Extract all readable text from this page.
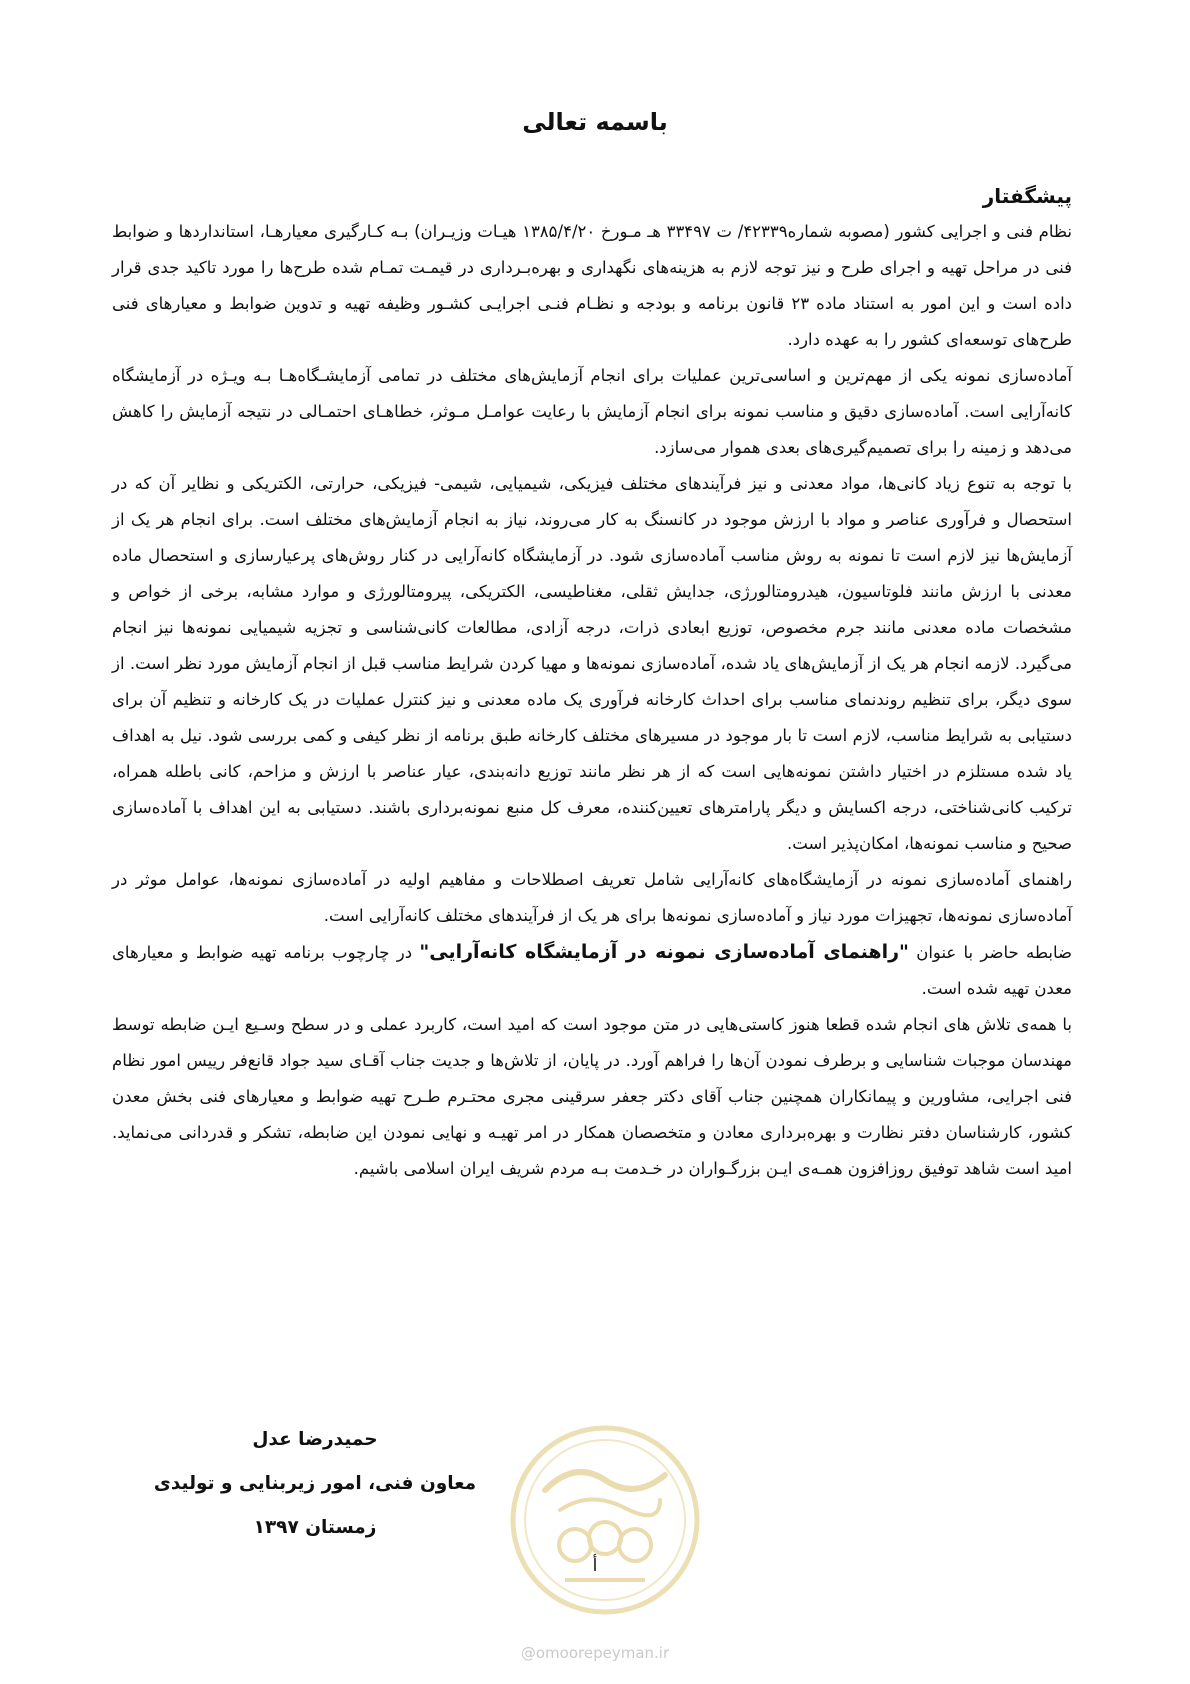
باسمه تعالی

پیشگفتار

نظام فنی و اجرایی کشور (مصوبه شماره۴۲۳۳۹/ ت ۳۳۴۹۷ هـ مـورخ ۱۳۸۵/۴/۲۰ هیـات وزیـران) بـه کـارگیری معیارهـا، استانداردها و ضوابط فنی در مراحل تهیه و اجرای طرح و نیز توجه لازم به هزینه‌های نگهداری و بهره‌بـرداری در قیمـت تمـام شده طرح‌ها را مورد تاکید جدی قرار داده است و این امور به استناد ماده ۲۳ قانون برنامه و بودجه و نظـام فنـی اجرایـی کشـور وظیفه تهیه و تدوین ضوابط و معیارهای فنی طرح‌های توسعه‌ای کشور را به عهده دارد.

آماده‌سازی نمونه یکی از مهم‌ترین و اساسی‌ترین عملیات برای انجام آزمایش‌های مختلف در تمامی آزمایشـگاه‌هـا بـه ویـژه در آزمایشگاه کانه‌آرایی است. آماده‌سازی دقیق و مناسب نمونه برای انجام آزمایش با رعایت عوامـل مـوثر، خطاهـای احتمـالی در نتیجه آزمایش را کاهش می‌دهد و زمینه را برای تصمیم‌گیری‌های بعدی هموار می‌سازد.

با توجه به تنوع زیاد کانی‌ها، مواد معدنی و نیز فرآیندهای مختلف فیزیکی، شیمیایی، شیمی- فیزیکی، حرارتی، الکتریکی و نظایر آن که در استحصال و فرآوری عناصر و مواد با ارزش موجود در کانسنگ به کار می‌روند، نیاز به انجام آزمایش‌های مختلف است. برای انجام هر یک از آزمایش‌ها نیز لازم است تا نمونه به روش مناسب آماده‌سازی شود. در آزمایشگاه کانه‌آرایی در کنار روش‌های پرعیارسازی و استحصال ماده معدنی با ارزش مانند فلوتاسیون، هیدرومتالورژی، جدایش ثقلی، مغناطیسی، الکتریکی، پیرومتالورژی و موارد مشابه، برخی از خواص و مشخصات ماده معدنی مانند جرم مخصوص، توزیع ابعادی ذرات، درجه آزادی، مطالعات کانی‌شناسی و تجزیه شیمیایی نمونه‌ها نیز انجام می‌گیرد. لازمه انجام هر یک از آزمایش‌های یاد شده، آماده‌سازی نمونه‌ها و مهیا کردن شرایط مناسب قبل از انجام آزمایش مورد نظر است. از سوی دیگر، برای تنظیم روندنمای مناسب برای احداث کارخانه فرآوری یک ماده معدنی و نیز کنترل عملیات در یک کارخانه و تنظیم آن برای دستیابی به شرایط مناسب، لازم است تا بار موجود در مسیرهای مختلف کارخانه طبق برنامه از نظر کیفی و کمی بررسی شود. نیل به اهداف یاد شده مستلزم در اختیار داشتن نمونه‌هایی است که از هر نظر مانند توزیع دانه‌بندی، عیار عناصر با ارزش و مزاحم، کانی باطله همراه، ترکیب کانی‌شناختی، درجه اکسایش و دیگر پارامترهای تعیین‌کننده، معرف کل منبع نمونه‌برداری باشند. دستیابی به این اهداف با آماده‌سازی صحیح و مناسب نمونه‌ها، امکان‌پذیر است.

راهنمای آماده‌سازی نمونه در آزمایشگاه‌های کانه‌آرایی شامل تعریف اصطلاحات و مفاهیم اولیه در آماده‌سازی نمونه‌ها، عوامل موثر در آماده‌سازی نمونه‌ها، تجهیزات مورد نیاز و آماده‌سازی نمونه‌ها برای هر یک از فرآیندهای مختلف کانه‌آرایی است.

ضابطه حاضر با عنوان "راهنمای آماده‌سازی نمونه در آزمایشگاه کانه‌آرایی" در چارچوب برنامه تهیه ضوابط و معیارهای معدن تهیه شده است.

با همه‌ی تلاش های انجام شده قطعا هنوز کاستی‌هایی در متن موجود است که امید است، کاربرد عملی و در سطح وسـیع ایـن ضابطه توسط مهندسان موجبات شناسایی و برطرف نمودن آن‌ها را فراهم آورد. در پایان، از تلاش‌ها و جدیت جناب آقـای سید جواد قانع‌فر رییس امور نظام فنی اجرایی، مشاورین و پیمانکاران همچنین جناب آقای دکتر جعفر سرقینی مجری محتـرم طـرح تهیه ضوابط و معیارهای فنی بخش معدن کشور، کارشناسان دفتر نظارت و بهره‌برداری معادن و متخصصان همکار در امر تهیـه و نهایی نمودن این ضابطه، تشکر و قدردانی می‌نماید. امید است شاهد توفیق روزافزون همـه‌ی ایـن بزرگـواران در خـدمت بـه مردم شریف ایران اسلامی باشیم.

حمیدرضا عدل
معاون فنی، امور زیربنایی و تولیدی
زمستان ۱۳۹۷
أ
@omoorepeyman.ir
